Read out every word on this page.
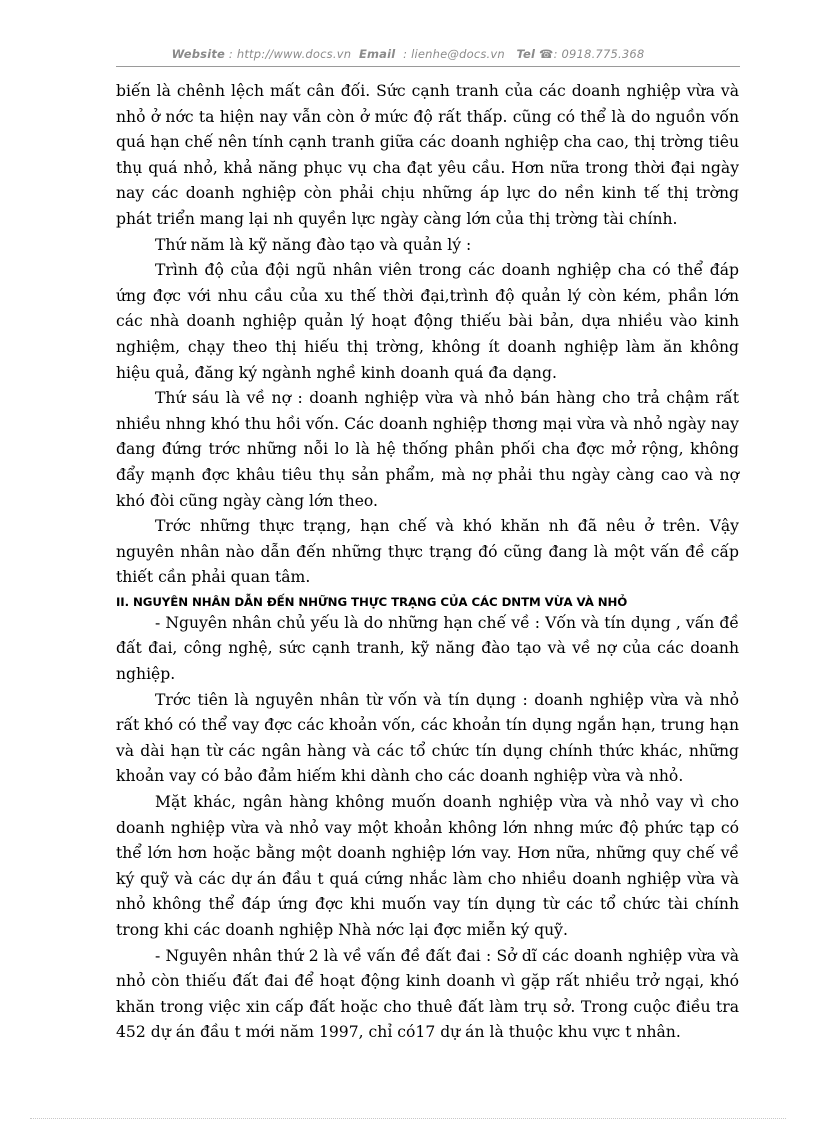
Website : http://www.docs.vn Email : lienhe@docs.vn Tel ☎: 0918.775.368

biến là chênh lệch mất cân đối. Sức cạnh tranh của các doanh nghiệp vừa và nhỏ ở nớc ta hiện nay vẫn còn ở mức độ rất thấp. cũng có thể là do nguồn vốn quá hạn chế nên tính cạnh tranh giữa các doanh nghiệp cha cao, thị trờng tiêu thụ quá nhỏ, khả năng phục vụ cha đạt yêu cầu. Hơn nữa trong thời đại ngày nay các doanh nghiệp còn phải chịu những áp lực do nền kinh tế thị trờng phát triển mang lại nh quyền lực ngày càng lớn của thị trờng tài chính.

Thứ năm là kỹ năng đào tạo và quản lý :

Trình độ của đội ngũ nhân viên trong các doanh nghiệp cha có thể đáp ứng đợc với nhu cầu của xu thế thời đại,trình độ quản lý còn kém, phần lớn các nhà doanh nghiệp quản lý hoạt động thiếu bài bản, dựa nhiều vào kinh nghiệm, chạy theo thị hiếu thị trờng, không ít doanh nghiệp làm ăn không hiệu quả, đăng ký ngành nghề kinh doanh quá đa dạng.

Thứ sáu là về nợ : doanh nghiệp vừa và nhỏ bán hàng cho trả chậm rất nhiều nhng khó thu hồi vốn. Các doanh nghiệp thơng mại vừa và nhỏ ngày nay đang đứng trớc những nỗi lo là hệ thống phân phối cha đợc mở rộng, không đẩy mạnh đợc khâu tiêu thụ sản phẩm, mà nợ phải thu ngày càng cao và nợ khó đòi cũng ngày càng lớn theo.

Trớc những thực trạng, hạn chế và khó khăn nh đã nêu ở trên. Vậy nguyên nhân nào dẫn đến những thực trạng đó cũng đang là một vấn đề cấp thiết cần phải quan tâm.

II. NGUYÊN NHÂN DẪN ĐẾN NHỮNG THỰC TRẠNG CỦA CÁC DNTM VỪA VÀ NHỎ

- Nguyên nhân chủ yếu là do những hạn chế về : Vốn và tín dụng , vấn đề đất đai, công nghệ, sức cạnh tranh, kỹ năng đào tạo và về nợ của các doanh nghiệp.

Trớc tiên là nguyên nhân từ vốn và tín dụng : doanh nghiệp vừa và nhỏ rất khó có thể vay đợc các khoản vốn, các khoản tín dụng ngắn hạn, trung hạn và dài hạn từ các ngân hàng và các tổ chức tín dụng chính thức khác, những khoản vay có bảo đảm hiếm khi dành cho các doanh nghiệp vừa và nhỏ.

Mặt khác, ngân hàng không muốn doanh nghiệp vừa và nhỏ vay vì cho doanh nghiệp vừa và nhỏ vay một khoản không lớn nhng mức độ phức tạp có thể lớn hơn hoặc bằng một doanh nghiệp lớn vay. Hơn nữa, những quy chế về ký quỹ và các dự án đầu t quá cứng nhắc làm cho nhiều doanh nghiệp vừa và nhỏ không thể đáp ứng đợc khi muốn vay tín dụng từ các tổ chức tài chính trong khi các doanh nghiệp Nhà nớc lại đợc miễn ký quỹ.

- Nguyên nhân thứ 2 là về vấn đề đất đai : Sở dĩ các doanh nghiệp vừa và nhỏ còn thiếu đất đai để hoạt động kinh doanh vì gặp rất nhiều trở ngại, khó khăn trong việc xin cấp đất hoặc cho thuê đất làm trụ sở. Trong cuộc điều tra 452 dự án đầu t mới năm 1997, chỉ có17 dự án là thuộc khu vực t nhân.
